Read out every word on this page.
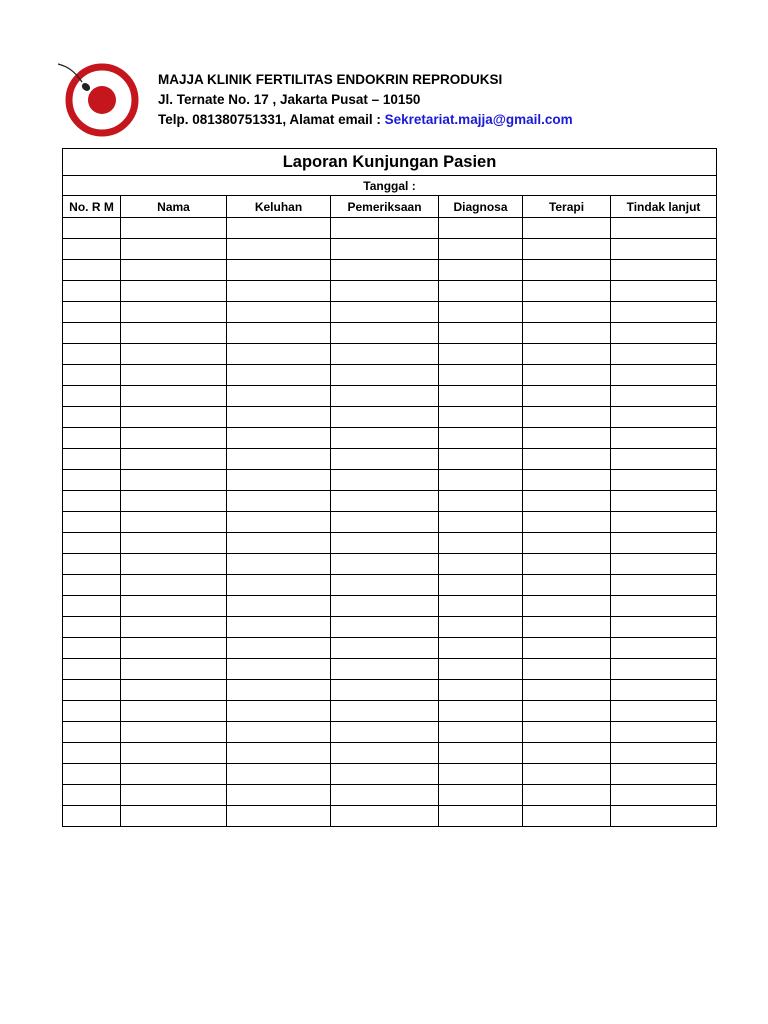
MAJJA KLINIK FERTILITAS ENDOKRIN REPRODUKSI
Jl. Ternate No. 17 , Jakarta Pusat – 10150
Telp. 081380751331, Alamat email : Sekretariat.majja@gmail.com
Laporan Kunjungan Pasien						
Tanggal :						
No. R M	Nama	Keluhan	Pemeriksaan	Diagnosa	Terapi	Tindak lanjut
